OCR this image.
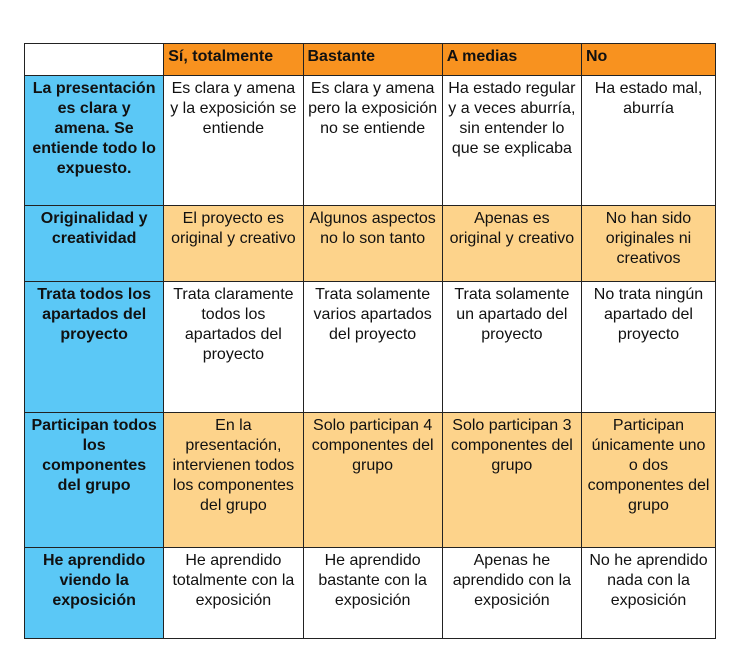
	Sí, totalmente	Bastante	A medias	No
La presentación es clara y amena. Se entiende todo lo expuesto.	Es clara y amena y la exposición se entiende	Es clara y amena pero la exposición no se entiende	Ha estado regular y a veces aburría, sin entender lo que se explicaba	Ha estado mal, aburría
Originalidad y creatividad	El proyecto es original y creativo	Algunos aspectos no lo son tanto	Apenas es original y creativo	No han sido originales ni creativos
Trata todos los apartados del proyecto	Trata claramente todos los apartados del proyecto	Trata solamente varios apartados del proyecto	Trata solamente un apartado del proyecto	No trata ningún apartado del proyecto
Participan todos los componentes del grupo	En la presentación, intervienen todos los componentes del grupo	Solo participan 4 componentes del grupo	Solo participan 3 componentes del grupo	Participan únicamente uno o dos componentes del grupo
He aprendido viendo la exposición	He aprendido totalmente con la exposición	He aprendido bastante con la exposición	Apenas he aprendido con la exposición	No he aprendido nada con la exposición
